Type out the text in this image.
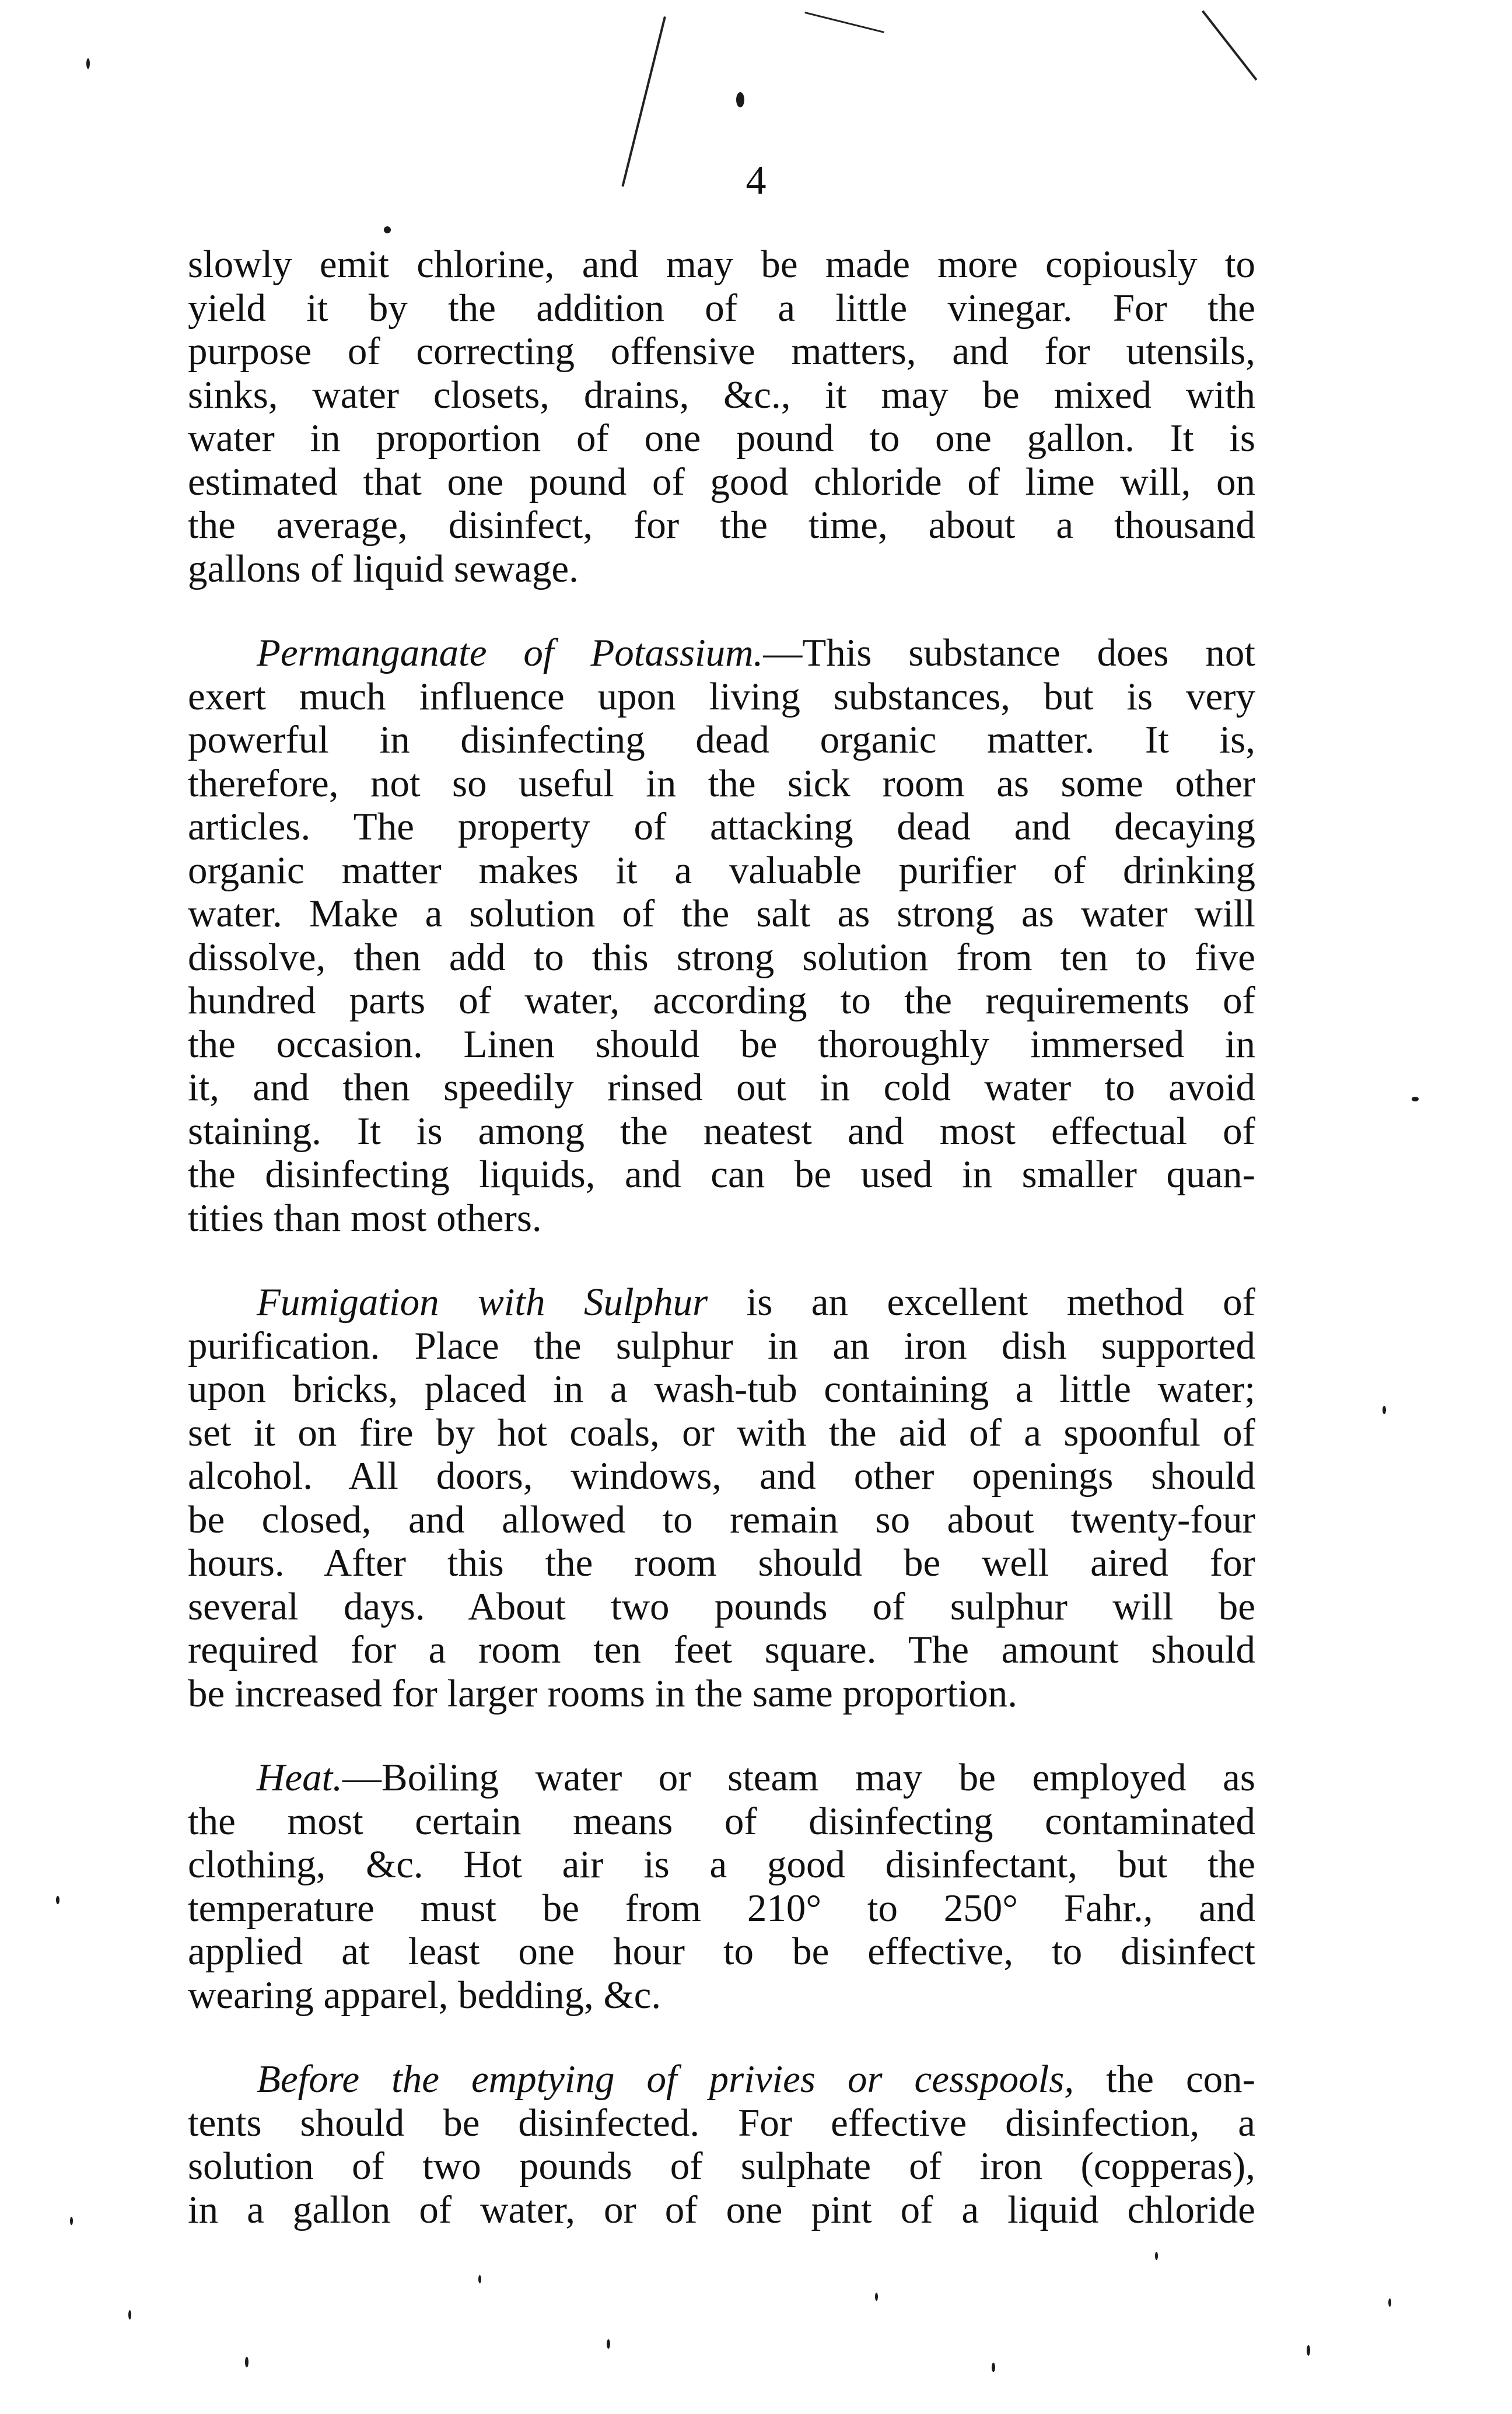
4
slowly emit chlorine, and may be made more copiously to
yield it by the addition of a little vinegar. For the
purpose of correcting offensive matters, and for utensils,
sinks, water closets, drains, &c., it may be mixed with
water in proportion of one pound to one gallon. It is
estimated that one pound of good chloride of lime will, on
the average, disinfect, for the time, about a thousand
gallons of liquid sewage.
Permanganate of Potassium.—This substance does not
exert much influence upon living substances, but is very
powerful in disinfecting dead organic matter. It is,
therefore, not so useful in the sick room as some other
articles. The property of attacking dead and decaying
organic matter makes it a valuable purifier of drinking
water. Make a solution of the salt as strong as water will
dissolve, then add to this strong solution from ten to five
hundred parts of water, according to the requirements of
the occasion. Linen should be thoroughly immersed in
it, and then speedily rinsed out in cold water to avoid
staining. It is among the neatest and most effectual of
the disinfecting liquids, and can be used in smaller quan-
tities than most others.
Fumigation with Sulphur is an excellent method of
purification. Place the sulphur in an iron dish supported
upon bricks, placed in a wash-tub containing a little water;
set it on fire by hot coals, or with the aid of a spoonful of
alcohol. All doors, windows, and other openings should
be closed, and allowed to remain so about twenty-four
hours. After this the room should be well aired for
several days. About two pounds of sulphur will be
required for a room ten feet square. The amount should
be increased for larger rooms in the same proportion.
Heat.—Boiling water or steam may be employed as
the most certain means of disinfecting contaminated
clothing, &c. Hot air is a good disinfectant, but the
temperature must be from 210° to 250° Fahr., and
applied at least one hour to be effective, to disinfect
wearing apparel, bedding, &c.
Before the emptying of privies or cesspools, the con-
tents should be disinfected. For effective disinfection, a
solution of two pounds of sulphate of iron (copperas),
in a gallon of water, or of one pint of a liquid chloride
